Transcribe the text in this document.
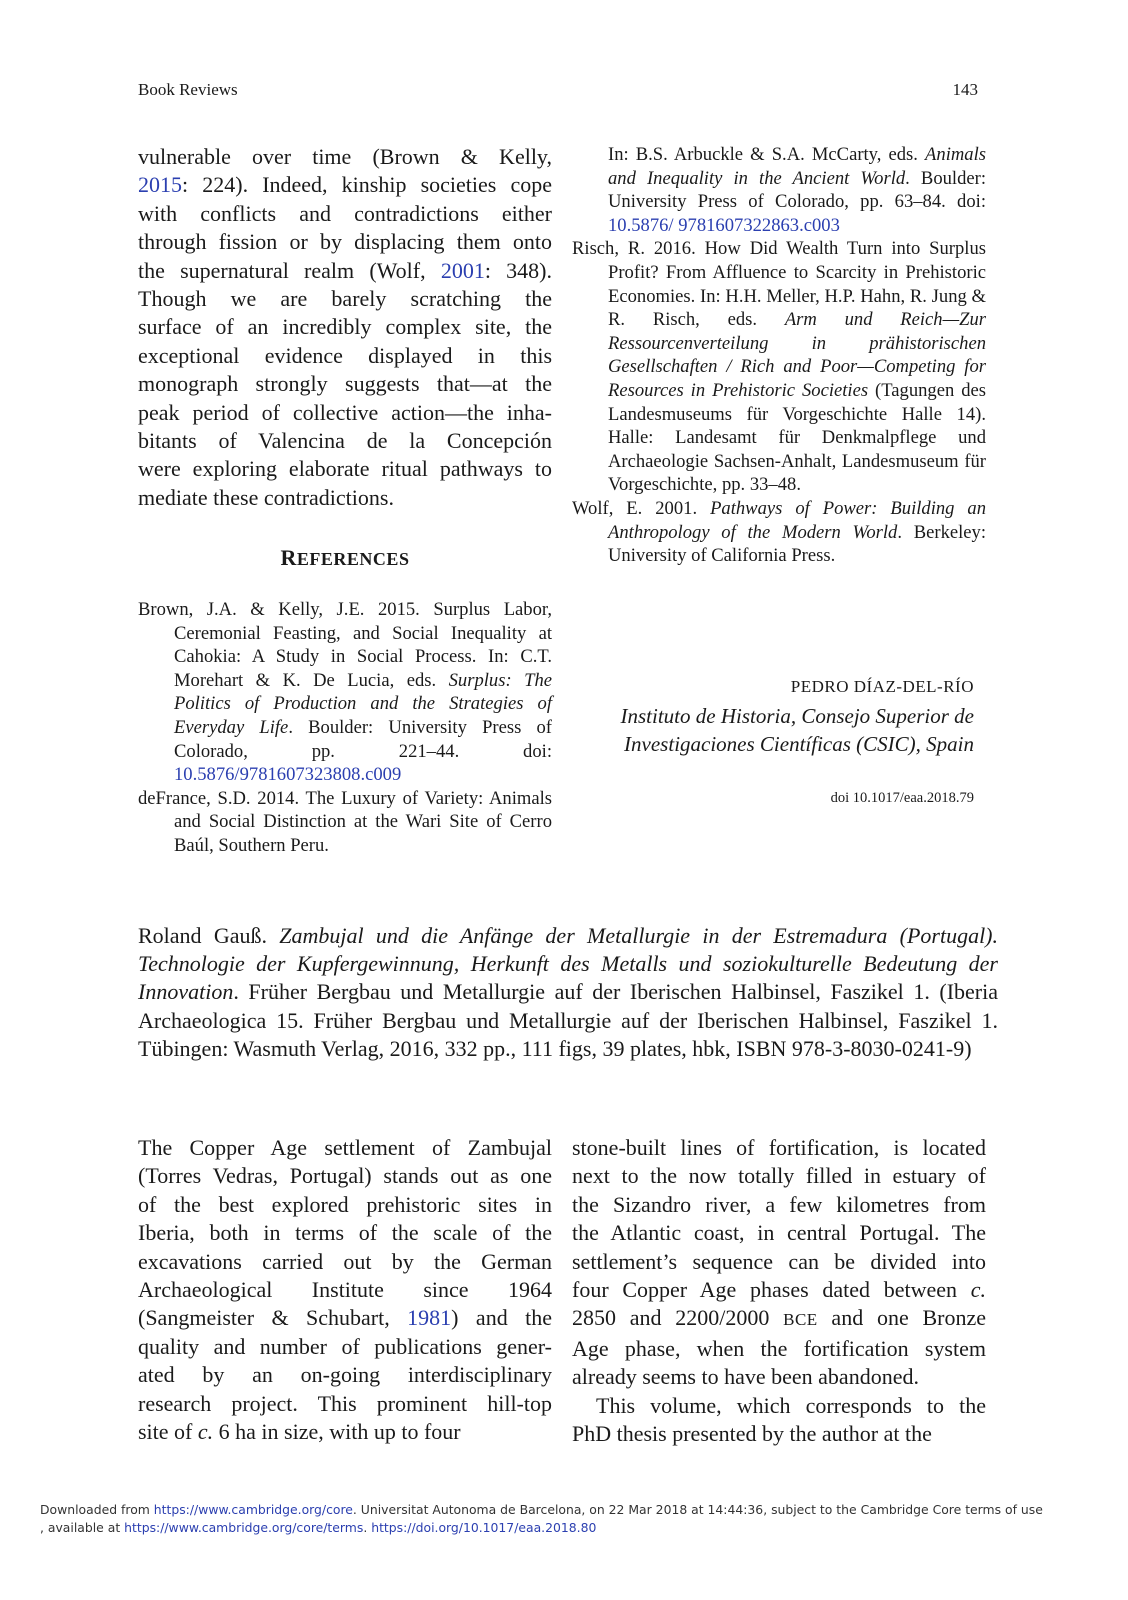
Book Reviews	143
vulnerable over time (Brown & Kelly,
2015: 224). Indeed, kinship societies cope
with conflicts and contradictions either
through fission or by displacing them onto
the supernatural realm (Wolf, 2001: 348).
Though we are barely scratching the
surface of an incredibly complex site, the
exceptional evidence displayed in this
monograph strongly suggests that—at the
peak period of collective action—the inha-
bitants of Valencina de la Concepción
were exploring elaborate ritual pathways to
mediate these contradictions.
REFERENCES

Brown, J.A. & Kelly, J.E. 2015. Surplus Labor, Ceremonial Feasting, and Social Inequality at Cahokia: A Study in Social Process. In: C.T. Morehart & K. De Lucia, eds. Surplus: The Politics of Production and the Strategies of Everyday Life. Boulder: University Press of Colorado, pp. 221–44. doi: 10.5876/9781607323808.c009

deFrance, S.D. 2014. The Luxury of Variety: Animals and Social Distinction at the Wari Site of Cerro Baúl, Southern Peru.

In: B.S. Arbuckle & S.A. McCarty, eds. Animals and Inequality in the Ancient World. Boulder: University Press of Colorado, pp. 63–84. doi: 10.5876/ 9781607322863.c003

Risch, R. 2016. How Did Wealth Turn into Surplus Profit? From Affluence to Scarcity in Prehistoric Economies. In: H.H. Meller, H.P. Hahn, R. Jung & R. Risch, eds. Arm und Reich—Zur Ressourcenverteilung in prähistorischen Gesellschaften / Rich and Poor—Competing for Resources in Prehistoric Societies (Tagungen des Landesmuseums für Vorgeschichte Halle 14). Halle: Landesamt für Denkmalpflege und Archaeologie Sachsen-Anhalt, Landesmuseum für Vorgeschichte, pp. 33–48.

Wolf, E. 2001. Pathways of Power: Building an Anthropology of the Modern World. Berkeley: University of California Press.

PEDRO DÍAZ-DEL-RÍO
Instituto de Historia, Consejo Superior de
Investigaciones Científicas (CSIC), Spain
doi 10.1017/eaa.2018.79
Roland Gauß. Zambujal und die Anfänge der Metallurgie in der Estremadura (Portugal). Technologie der Kupfergewinnung, Herkunft des Metalls und soziokulturelle Bedeutung der Innovation. Früher Bergbau und Metallurgie auf der Iberischen Halbinsel, Faszikel 1. (Iberia Archaeologica 15. Früher Bergbau und Metallurgie auf der Iberischen Halbinsel, Faszikel 1. Tübingen: Wasmuth Verlag, 2016, 332 pp., 111 figs, 39 plates, hbk, ISBN 978-3-8030-0241-9)
The Copper Age settlement of Zambujal
(Torres Vedras, Portugal) stands out as one
of the best explored prehistoric sites in
Iberia, both in terms of the scale of the
excavations carried out by the German
Archaeological Institute since 1964
(Sangmeister & Schubart, 1981) and the
quality and number of publications gener-
ated by an on-going interdisciplinary
research project. This prominent hill-top
site of c. 6 ha in size, with up to four
stone-built lines of fortification, is located
next to the now totally filled in estuary of
the Sizandro river, a few kilometres from
the Atlantic coast, in central Portugal. The
settlement’s sequence can be divided into
four Copper Age phases dated between c.
2850 and 2200/2000 BCE and one Bronze
Age phase, when the fortification system
already seems to have been abandoned.
This volume, which corresponds to the
PhD thesis presented by the author at the
Downloaded from https://www.cambridge.org/core. Universitat Autonoma de Barcelona, on 22 Mar 2018 at 14:44:36, subject to the Cambridge Core terms of use
, available at https://www.cambridge.org/core/terms. https://doi.org/10.1017/eaa.2018.80
